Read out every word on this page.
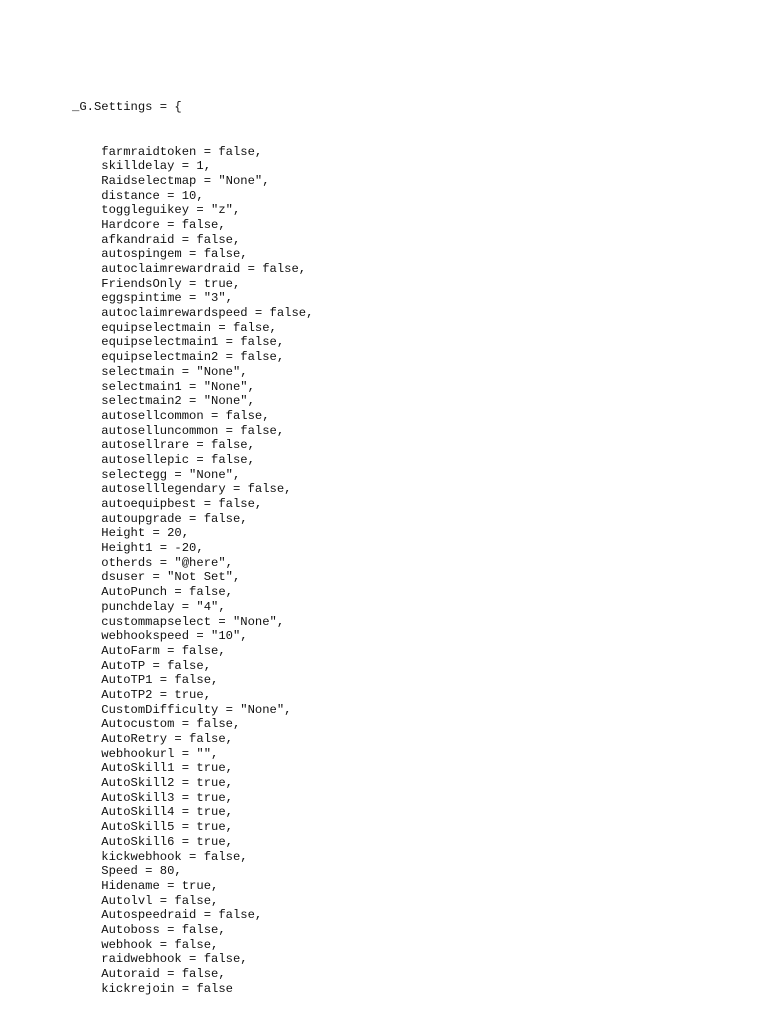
_G.Settings = {

farmraidtoken = false,
skilldelay = 1,
Raidselectmap = "None",
distance = 10,
toggleguikey = "z",
Hardcore = false,
afkandraid = false,
autospingem = false,
autoclaimrewardraid = false,
FriendsOnly = true,
eggspintime = "3",
autoclaimrewardspeed = false,
equipselectmain = false,
equipselectmain1 = false,
equipselectmain2 = false,
selectmain = "None",
selectmain1 = "None",
selectmain2 = "None",
autosellcommon = false,
autoselluncommon = false,
autosellrare = false,
autosellepic = false,
selectegg = "None",
autoselllegendary = false,
autoequipbest = false,
autoupgrade = false,
Height = 20,
Height1 = -20,
otherds = "@here",
dsuser = "Not Set",
AutoPunch = false,
punchdelay = "4",
custommapselect = "None",
webhookspeed = "10",
AutoFarm = false,
AutoTP = false,
AutoTP1 = false,
AutoTP2 = true,
CustomDifficulty = "None",
Autocustom = false,
AutoRetry = false,
webhookurl = "",
AutoSkill1 = true,
AutoSkill2 = true,
AutoSkill3 = true,
AutoSkill4 = true,
AutoSkill5 = true,
AutoSkill6 = true,
kickwebhook = false,
Speed = 80,
Hidename = true,
Autolvl = false,
Autospeedraid = false,
Autoboss = false,
webhook = false,
raidwebhook = false,
Autoraid = false,
kickrejoin = false
